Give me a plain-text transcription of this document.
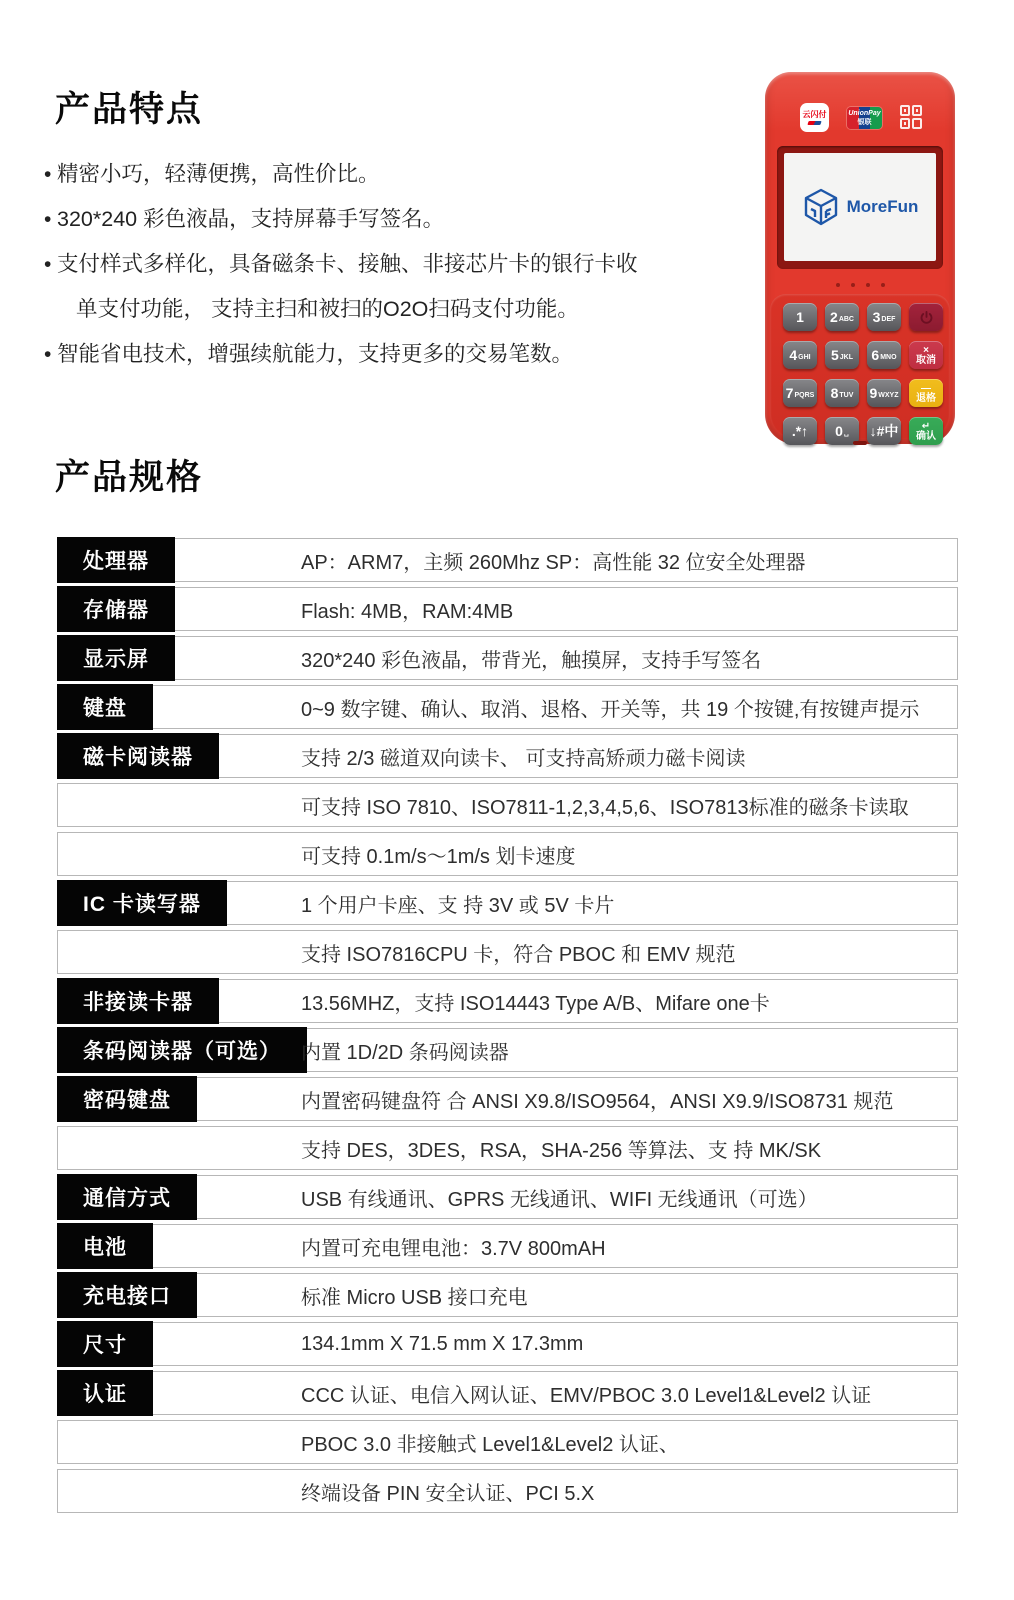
产品特点
• 精密小巧，轻薄便携，高性价比。
• 320*240 彩色液晶，支持屏幕手写签名。
• 支付样式多样化，具备磁条卡、接触、非接芯片卡的银行卡收
单支付功能， 支持主扫和被扫的O2O扫码支付功能。
• 智能省电技术，增强续航能力，支持更多的交易笔数。
云闪付	UnionPay
银联
MoreFun
1 2 ABC 3 DEF
4 GHI 5 JKL 6 MNO
×
取消
7 PQRS 8 TUV 9 WXYZ
—
退格
.*↑ 0 ␣ ↓#中 ↵
确认
产品规格
处理器	AP：ARM7，主频 260Mhz SP：高性能 32 位安全处理器
存储器	Flash: 4MB，RAM:4MB
显示屏	320*240 彩色液晶，带背光，触摸屏，支持手写签名
键盘	0~9 数字键、确认、取消、退格、开关等，共 19 个按键,有按键声提示
磁卡阅读器	支持 2/3 磁道双向读卡、 可支持高矫顽力磁卡阅读
可支持 ISO 7810、ISO7811-1,2,3,4,5,6、ISO7813标准的磁条卡读取
可支持 0.1m/s～1m/s 划卡速度
IC 卡读写器	1 个用户卡座、支 持 3V 或 5V 卡片
支持 ISO7816CPU 卡，符合 PBOC 和 EMV 规范
非接读卡器	13.56MHZ，支持 ISO14443 Type A/B、Mifare one卡
条码阅读器（可选）	内置 1D/2D 条码阅读器
密码键盘	内置密码键盘符 合 ANSI X9.8/ISO9564，ANSI X9.9/ISO8731 规范
支持 DES，3DES，RSA，SHA-256 等算法、支 持 MK/SK
通信方式	USB 有线通讯、GPRS 无线通讯、WIFI 无线通讯（可选）
电池	内置可充电锂电池：3.7V 800mAH
充电接口	标准 Micro USB 接口充电
尺寸	134.1mm X 71.5 mm X 17.3mm
认证	CCC 认证、电信入网认证、EMV/PBOC 3.0 Level1&Level2 认证
PBOC 3.0 非接触式 Level1&Level2 认证、
终端设备 PIN 安全认证、PCI 5.X
